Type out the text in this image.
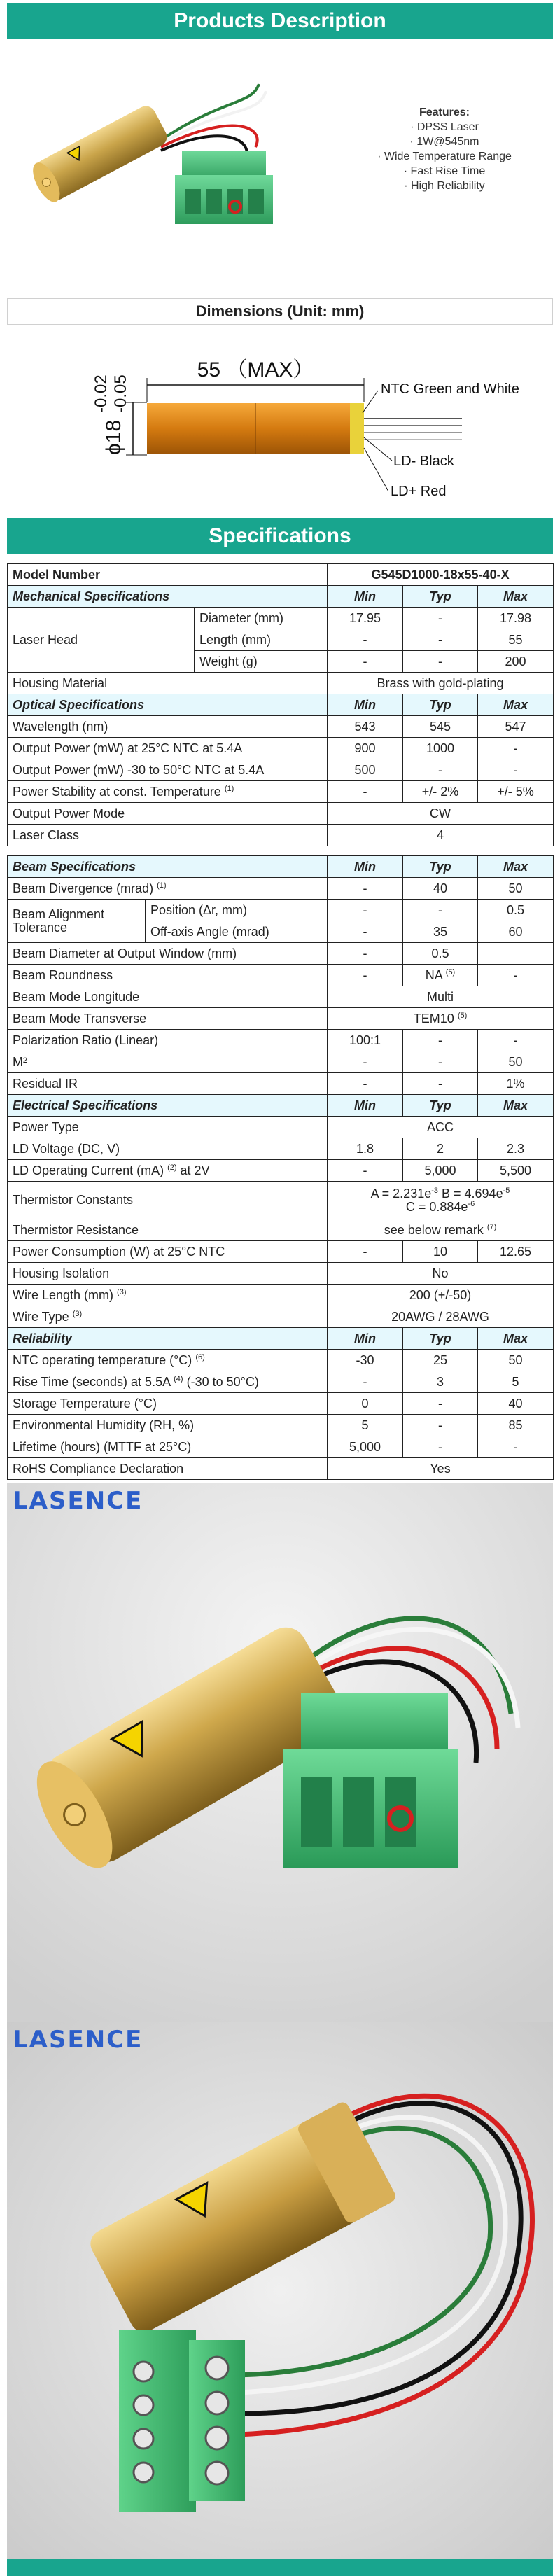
Products Description
Features:
· DPSS Laser
· 1W@545nm
· Wide Temperature Range
· Fast Rise Time
· High Reliability
Dimensions (Unit: mm)
55 （MAX）
ϕ18
-0.02 -0.05	NTC Green and White
LD- Black
LD+ Red
Specifications
Model Number			G545D1000-18x55-40-X		
Mechanical Specifications			Min	Typ	Max
Laser Head		Diameter (mm)	17.95	-	17.98
		Length (mm)	-	-	55
		Weight (g)	-	-	200
Housing Material			Brass with gold-plating		
Optical Specifications			Min	Typ	Max
Wavelength (nm)			543	545	547
Output Power (mW) at 25°C NTC at 5.4A			900	1000	-
Output Power (mW) -30 to 50°C NTC at 5.4A			500	-	-
Power Stability at const. Temperature $^{(1)}$			-	+/- 2%	+/- 5%
Output Power Mode			CW		
Laser Class			4		

Beam Specifications			Min	Typ	Max
Beam Divergence (mrad) $^{(1)}$			-	40	50
Beam Alignment Tolerance	Position (Δr, mm)		-	-	0.5
	Off-axis Angle (mrad)		-	35	60
Beam Diameter at Output Window (mm)			-	0.5	
Beam Roundness			-	NA $^{(5)}$	-
Beam Mode Longitude			Multi		
Beam Mode Transverse			TEM10 $^{(5)}$
Polarization Ratio (Linear)			100:1	-	-
M²			-	-	50
Residual IR			-	-	1%
Electrical Specifications			Min	Typ	Max
Power Type			ACC		
LD Voltage (DC, V)			1.8	2	2.3
LD Operating Current (mA) $^{(2)}$ at 2V			-	5,000	5,500
Thermistor Constants			$A = 2.231e^{-3}$ $B = 4.694e^{-5}$
$C = 0.884e^{-6}$
Thermistor Resistance			see below remark $^{(7)}$
Power Consumption (W) at 25°C NTC			-	10	12.65
Housing Isolation			No		
Wire Length (mm) $^{(3)}$			200 (+/-50)		
Wire Type $^{(3)}$			20AWG / 28AWG		
Reliability			Min	Typ	Max
NTC operating temperature (°C) $^{(6)}$			-30	25	50
Rise Time (seconds) at 5.5A $^{(4)}$ (-30 to 50°C)			-	3	5
Storage Temperature (°C)			0	-	40
Environmental Humidity (RH, %)			5	-	85
Lifetime (hours) (MTTF at 25°C)			5,000	-	-
RoHS Compliance Declaration			Yes		
LASENCE
LASENCE
